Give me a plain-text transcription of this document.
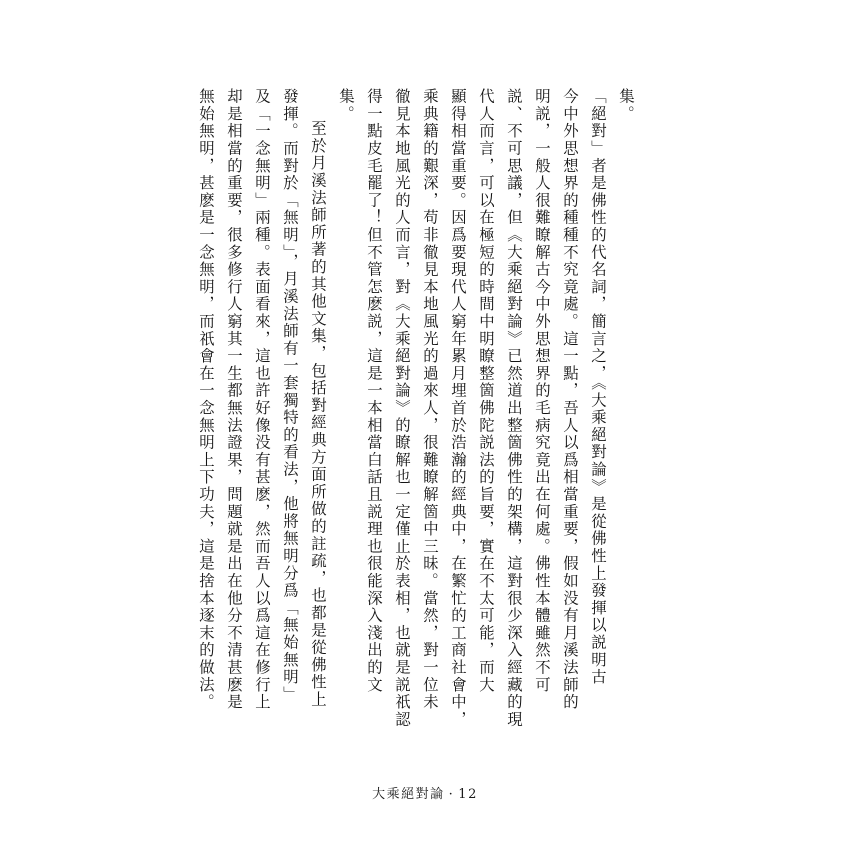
集。
「絕對」者是佛性的代名詞，簡言之，《大乘絕對論》是從佛性上發揮以説明古
今中外思想界的種種不究竟處。這一點，吾人以爲相當重要，假如没有月溪法師的
明説，一般人很難瞭解古今中外思想界的毛病究竟出在何處。佛性本體雖然不可
説、不可思議，但《大乘絕對論》已然道出整箇佛性的架構，這對很少深入經藏的現
代人而言，可以在極短的時間中明瞭整箇佛陀説法的旨要，實在不太可能，而大
顯得相當重要。因爲要現代人窮年累月埋首於浩瀚的經典中，在繁忙的工商社會中，
乘典籍的艱深，苟非徹見本地風光的過來人，很難瞭解箇中三昧。當然，對一位未
徹見本地風光的人而言，對《大乘絕對論》的瞭解也一定僅止於表相，也就是説祇認
得一點皮毛罷了！但不管怎麽説，這是一本相當白話且説理也很能深入淺出的文
集。
至於月溪法師所著的其他文集，包括對經典方面所做的註疏，也都是從佛性上
發揮。而對於「無明」，月溪法師有一套獨特的看法，他將無明分爲「無始無明」
及「一念無明」兩種。表面看來，這也許好像没有甚麽，然而吾人以爲這在修行上
却是相當的重要，很多修行人窮其一生都無法證果，問題就是出在他分不清甚麽是
無始無明，甚麽是一念無明，而祇會在一念無明上下功夫，這是捨本逐末的做法。
大乘絕對論 · 12
